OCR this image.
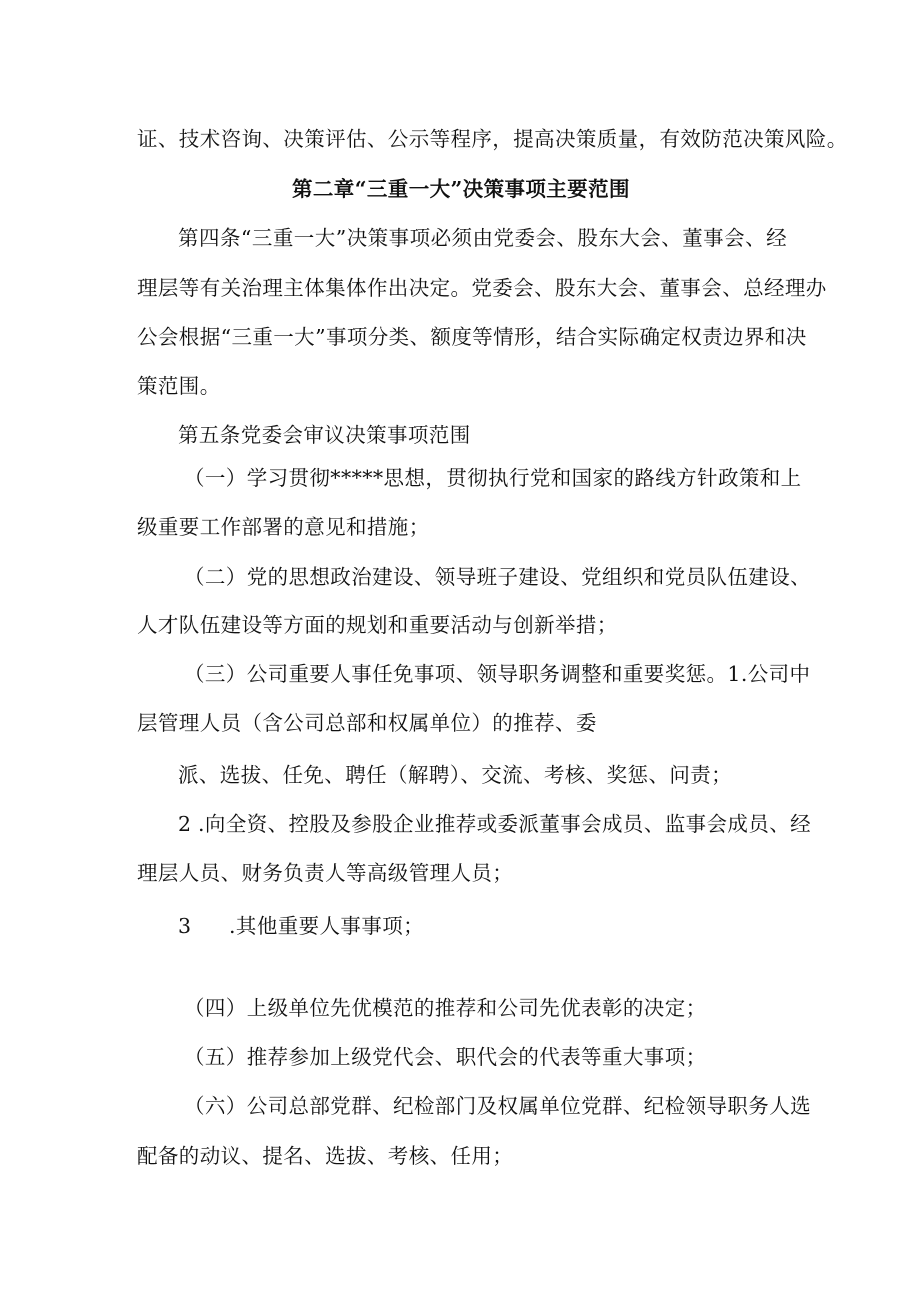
证、技术咨询、决策评估、公示等程序，提高决策质量，有效防范决策风险。
第二章“三重一大”决策事项主要范围
第四条“三重一大”决策事项必须由党委会、股东大会、董事会、经
理层等有关治理主体集体作出决定。党委会、股东大会、董事会、总经理办
公会根据“三重一大”事项分类、额度等情形，结合实际确定权责边界和决
策范围。
第五条党委会审议决策事项范围
（一）学习贯彻*****思想，贯彻执行党和国家的路线方针政策和上
级重要工作部署的意见和措施；
（二）党的思想政治建设、领导班子建设、党组织和党员队伍建设、
人才队伍建设等方面的规划和重要活动与创新举措；
（三）公司重要人事任免事项、领导职务调整和重要奖惩。1.公司中
层管理人员（含公司总部和权属单位）的推荐、委
派、选拔、任免、聘任（解聘）、交流、考核、奖惩、问责；
2 .向全资、控股及参股企业推荐或委派董事会成员、监事会成员、经
理层人员、财务负责人等高级管理人员；
3 .其他重要人事事项；
（四）上级单位先优模范的推荐和公司先优表彰的决定；
（五）推荐参加上级党代会、职代会的代表等重大事项；
（六）公司总部党群、纪检部门及权属单位党群、纪检领导职务人选
配备的动议、提名、选拔、考核、任用；
